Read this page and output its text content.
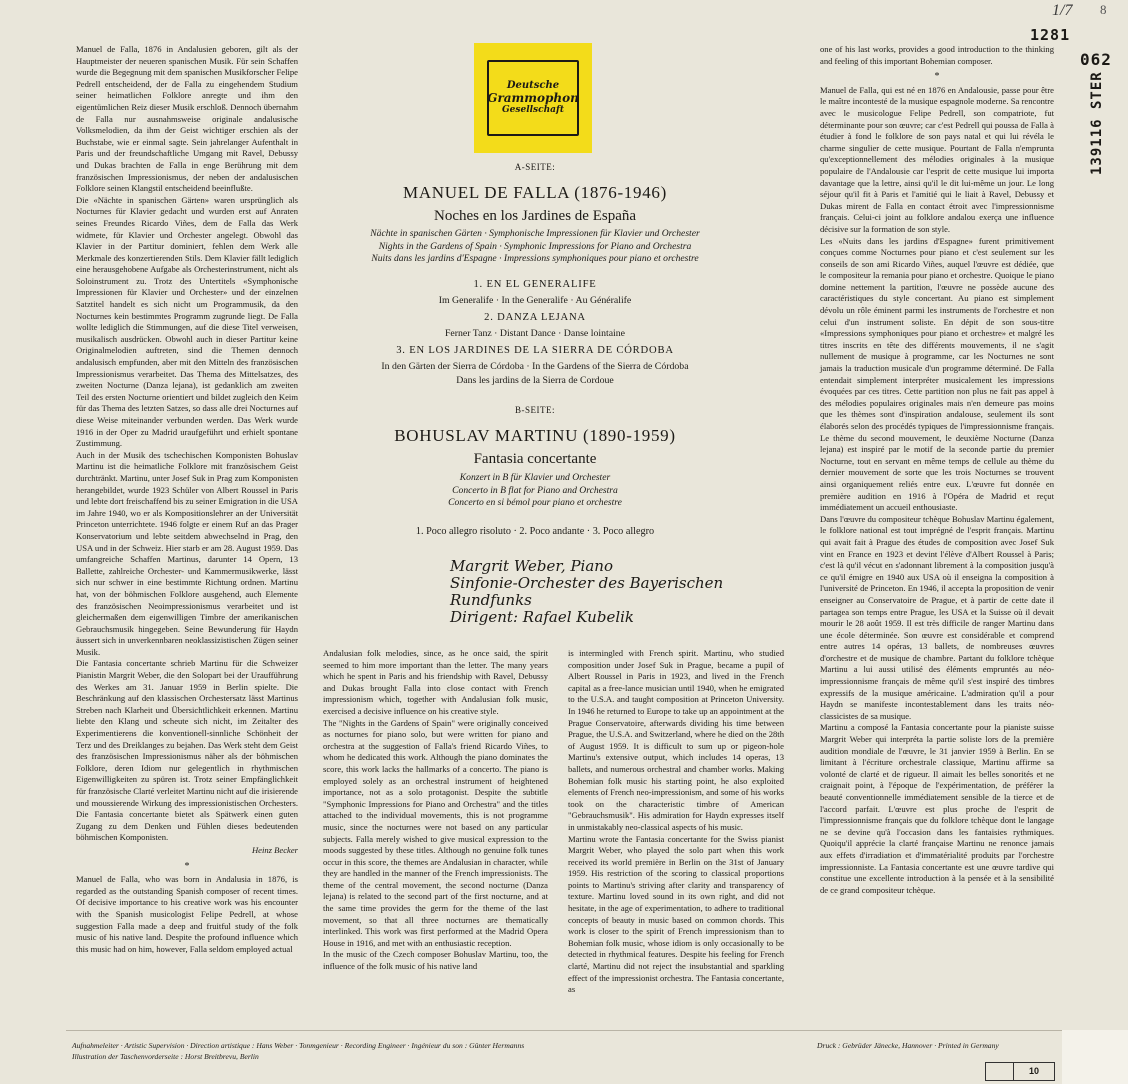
Manuel de Falla, 1876 in Andalusien geboren, gilt als der Hauptmeister der neueren spanischen Musik. Für sein Schaffen wurde die Begegnung mit dem spanischen Musikforscher Felipe Pedrell entscheidend, der de Falla zu eingehendem Studium seiner heimatlichen Folklore anregte und ihm den eigentümlichen Reiz dieser Musik erschloß. Dennoch übernahm de Falla nur ausnahmsweise originale andalusische Volksmelodien, da ihm der Geist wichtiger erschien als der Buchstabe, wie er einmal sagte. Sein jahrelanger Aufenthalt in Paris und der freundschaftliche Umgang mit Ravel, Debussy und Dukas brachten de Falla in enge Berührung mit dem französischen Impressionismus, der neben der andalusischen Folklore seinen Klangstil entscheidend beeinflußte.

Die «Nächte in spanischen Gärten» waren ursprünglich als Nocturnes für Klavier gedacht und wurden erst auf Anraten seines Freundes Ricardo Viñes, dem de Falla das Werk widmete, für Klavier und Orchester angelegt. Obwohl das Klavier in der Partitur dominiert, fehlen dem Werk alle Merkmale des konzertierenden Stils. Dem Klavier fällt lediglich eine herausgehobene Aufgabe als Orchesterinstrument, nicht als Soloinstrument zu. Trotz des Untertitels «Symphonische Impressionen für Klavier und Orchester» und der einzelnen Satztitel handelt es sich nicht um Programmusik, da den Nocturnes kein bestimmtes Programm zugrunde liegt. De Falla wollte lediglich die Stimmungen, auf die diese Titel verweisen, musikalisch ausdrücken. Obwohl auch in dieser Partitur keine Originalmelodien auftreten, sind die Themen dennoch andalusisch empfunden, aber mit den Mitteln des französischen Impressionismus verarbeitet. Das Thema des Mittelsatzes, des zweiten Nocturne (Danza lejana), ist gedanklich am zweiten Teil des ersten Nocturne orientiert und bildet zugleich den Keim für das Thema des letzten Satzes, so dass alle drei Nocturnes auf diese Weise miteinander verbunden werden. Das Werk wurde 1916 in der Oper zu Madrid uraufgeführt und erhielt spontane Zustimmung.

Auch in der Musik des tschechischen Komponisten Bohuslav Martinu ist die heimatliche Folklore mit französischem Geist durchtränkt. Martinu, unter Josef Suk in Prag zum Komponisten herangebildet, wurde 1923 Schüler von Albert Roussel in Paris und lebte dort freischaffend bis zu seiner Emigration in die USA im Jahre 1940, wo er als Kompositionslehrer an der Universität Princeton unterrichtete. 1946 folgte er einem Ruf an das Prager Konservatorium und lebte seitdem abwechselnd in Prag, den USA und in der Schweiz. Hier starb er am 28. August 1959. Das umfangreiche Schaffen Martinus, darunter 14 Opern, 13 Ballette, zahlreiche Orchester- und Kammermusikwerke, lässt sich nur schwer in eine bestimmte Richtung ordnen. Martinu hat, von der böhmischen Folklore ausgehend, auch Elemente des französischen Neoimpressionismus verarbeitet und ist gleichermaßen dem eigenwilligen Timbre der amerikanischen Gebrauchsmusik hingegeben. Seine Bewunderung für Haydn äussert sich in unverkennbaren neoklassizistischen Zügen seiner Musik.

Die Fantasia concertante schrieb Martinu für die Schweizer Pianistin Margrit Weber, die den Solopart bei der Uraufführung des Werkes am 31. Januar 1959 in Berlin spielte. Die Beschränkung auf den klassischen Orchestersatz lässt Martinus Streben nach Klarheit und Übersichtlichkeit erkennen. Martinu liebte den Klang und scheute sich nicht, im Zeitalter des Experimentierens die konventionell-sinnliche Schönheit der Terz und des Dreiklanges zu bejahen. Das Werk steht dem Geist des französischen Impressionismus näher als der böhmischen Folklore, deren Idiom nur gelegentlich in rhythmischen Eigenwilligkeiten zu spüren ist. Trotz seiner Empfänglichkeit für französische Clarté verleitet Martinu nicht auf die irisierende und moussierende Wirkung des impressionistischen Orchesters. Die Fantasia concertante bietet als Spätwerk einen guten Zugang zu dem Denken und Fühlen dieses bedeutenden böhmischen Komponisten.

Heinz Becker
*

Manuel de Falla, who was born in Andalusia in 1876, is regarded as the outstanding Spanish composer of recent times. Of decisive importance to his creative work was his encounter with the Spanish musicologist Felipe Pedrell, at whose suggestion Falla made a deep and fruitful study of the folk music of his native land. Despite the profound influence which this music had on him, however, Falla seldom employed actual

Deutsche
Grammophon
Gesellschaft
A-SEITE:
MANUEL DE FALLA (1876-1946)
Noches en los Jardines de España
Nächte in spanischen Gärten · Symphonische Impressionen für Klavier und Orchester
Nights in the Gardens of Spain · Symphonic Impressions for Piano and Orchestra
Nuits dans les jardins d'Espagne · Impressions symphoniques pour piano et orchestre
1. EN EL GENERALIFE
Im Generalife · In the Generalife · Au Généralife
2. DANZA LEJANA
Ferner Tanz · Distant Dance · Danse lointaine
3. EN LOS JARDINES DE LA SIERRA DE CÓRDOBA
In den Gärten der Sierra de Córdoba · In the Gardens of the Sierra de Córdoba
Dans les jardins de la Sierra de Cordoue
B-SEITE:
BOHUSLAV MARTINU (1890-1959)
Fantasia concertante
Konzert in B für Klavier und Orchester
Concerto in B flat for Piano and Orchestra
Concerto en si bémol pour piano et orchestre
1. Poco allegro risoluto · 2. Poco andante · 3. Poco allegro
Margrit Weber, Piano
Sinfonie-Orchester des Bayerischen Rundfunks
Dirigent: Rafael Kubelik

Andalusian folk melodies, since, as he once said, the spirit seemed to him more important than the letter. The many years which he spent in Paris and his friendship with Ravel, Debussy and Dukas brought Falla into close contact with French impressionism which, together with Andalusian folk music, exercised a decisive influence on his creative style.

The "Nights in the Gardens of Spain" were originally conceived as nocturnes for piano solo, but were written for piano and orchestra at the suggestion of Falla's friend Ricardo Viñes, to whom he dedicated this work. Although the piano dominates the score, this work lacks the hallmarks of a concerto. The piano is employed solely as an orchestral instrument of heightened importance, not as a solo protagonist. Despite the subtitle "Symphonic Impressions for Piano and Orchestra" and the titles attached to the individual movements, this is not programme music, since the nocturnes were not based on any particular subjects. Falla merely wished to give musical expression to the moods suggested by these titles. Although no genuine folk tunes occur in this score, the themes are Andalusian in character, while they are handled in the manner of the French impressionists. The theme of the central movement, the second nocturne (Danza lejana) is related to the second part of the first nocturne, and at the same time provides the germ for the theme of the last movement, so that all three nocturnes are thematically interlinked. This work was first performed at the Madrid Opera House in 1916, and met with an enthusiastic reception.

In the music of the Czech composer Bohuslav Martinu, too, the influence of the folk music of his native land

is intermingled with French spirit. Martinu, who studied composition under Josef Suk in Prague, became a pupil of Albert Roussel in Paris in 1923, and lived in the French capital as a free-lance musician until 1940, when he emigrated to the U.S.A. and taught composition at Princeton University. In 1946 he returned to Europe to take up an appointment at the Prague Conservatoire, afterwards dividing his time between Prague, the U.S.A. and Switzerland, where he died on the 28th of August 1959. It is difficult to sum up or pigeon-hole Martinu's extensive output, which includes 14 operas, 13 ballets, and numerous orchestral and chamber works. Making Bohemian folk music his starting point, he also exploited elements of French neo-impressionism, and some of his works took on the characteristic timbre of American "Gebrauchsmusik". His admiration for Haydn expresses itself in unmistakably neo-classical aspects of his music.

Martinu wrote the Fantasia concertante for the Swiss pianist Margrit Weber, who played the solo part when this work received its world première in Berlin on the 31st of January 1959. His restriction of the scoring to classical proportions points to Martinu's striving after clarity and transparency of texture. Martinu loved sound in its own right, and did not hesitate, in the age of experimentation, to adhere to traditional concepts of beauty in music based on common chords. This work is closer to the spirit of French impressionism than to Bohemian folk music, whose idiom is only occasionally to be detected in rhythmical features. Despite his feeling for French clarté, Martinu did not reject the insubstantial and sparkling effect of the impressionist orchestra. The Fantasia concertante, as

one of his last works, provides a good introduction to the thinking and feeling of this important Bohemian composer.

*

Manuel de Falla, qui est né en 1876 en Andalousie, passe pour être le maître incontesté de la musique espagnole moderne. Sa rencontre avec le musicologue Felipe Pedrell, son compatriote, fut déterminante pour son œuvre; car c'est Pedrell qui poussa de Falla à étudier à fond le folklore de son pays natal et qui lui révéla le charme singulier de cette musique. Pourtant de Falla n'emprunta qu'exceptionnellement des mélodies originales à la musique populaire de l'Andalousie car l'esprit de cette musique lui importa davantage que la lettre, ainsi qu'il le dit lui-même un jour. Le long séjour qu'il fit à Paris et l'amitié qui le liait à Ravel, Debussy et Dukas mirent de Falla en contact étroit avec l'impressionnisme français. Celui-ci joint au folklore andalou exerça une influence décisive sur la formation de son style.

Les «Nuits dans les jardins d'Espagne» furent primitivement conçues comme Nocturnes pour piano et c'est seulement sur les conseils de son ami Ricardo Viñes, auquel l'œuvre est dédiée, que le compositeur la remania pour piano et orchestre. Quoique le piano domine nettement la partition, l'œuvre ne possède aucune des caractéristiques du style concertant. Au piano est simplement dévolu un rôle éminent parmi les instruments de l'orchestre et non celui d'un instrument soliste. En dépit de son sous-titre «Impressions symphoniques pour piano et orchestre» et malgré les titres inscrits en tête des différents mouvements, il ne s'agit nullement de musique à programme, car les Nocturnes ne sont jamais la traduction musicale d'un programme déterminé. De Falla entendait simplement interpréter musicalement les impressions évoquées par ces titres. Cette partition non plus ne fait pas appel à des mélodies populaires originales mais n'en demeure pas moins que les thèmes sont d'inspiration andalouse, seulement ils sont élaborés selon des procédés typiques de l'impressionnisme français. Le thème du second mouvement, le deuxième Nocturne (Danza lejana) est inspiré par le motif de la seconde partie du premier Nocturne, tout en servant en même temps de cellule au thème du dernier mouvement de sorte que les trois Nocturnes se trouvent ainsi organiquement reliés entre eux. L'œuvre fut donnée en première audition en 1916 à l'Opéra de Madrid et reçut immédiatement un accueil enthousiaste.

Dans l'œuvre du compositeur tchèque Bohuslav Martinu également, le folklore national est tout imprégné de l'esprit français. Martinu qui avait fait à Prague des études de composition avec Josef Suk vint en France en 1923 et devint l'élève d'Albert Roussel à Paris; c'est là qu'il vécut en s'adonnant librement à la composition jusqu'à ce qu'il émigre en 1940 aux USA où il enseigna la composition à l'université de Princeton. En 1946, il accepta la proposition de venir enseigner au Conservatoire de Prague, et à partir de cette date il partagea son temps entre Prague, les USA et la Suisse où il devait mourir le 28 août 1959. Il est très difficile de ranger Martinu dans une école déterminée. Son œuvre est considérable et comprend entre autres 14 opéras, 13 ballets, de nombreuses œuvres d'orchestre et de musique de chambre. Partant du folklore tchèque Martinu a lui aussi utilisé des éléments empruntés au néo-impressionnisme français de même qu'il s'est inspiré des timbres expressifs de la musique américaine. L'admiration qu'il a pour Haydn se manifeste incontestablement dans les traits néo-classicistes de sa musique.

Martinu a composé la Fantasia concertante pour la pianiste suisse Margrit Weber qui interpréta la partie soliste lors de la première audition mondiale de l'œuvre, le 31 janvier 1959 à Berlin. En se limitant à l'écriture orchestrale classique, Martinu affirme sa volonté de clarté et de rigueur. Il aimait les belles sonorités et ne craignait point, à l'époque de l'expérimentation, de préférer la beauté conventionnelle immédiatement sensible de la tierce et de l'accord parfait. L'œuvre est plus proche de l'esprit de l'impressionnisme français que du folklore tchèque dont le langage ne se devine qu'à l'occasion dans les fantaisies rythmiques. Quoiqu'il apprécie la clarté française Martinu ne renonce jamais aux effets d'irradiation et d'immatérialité produits par l'orchestre impressionniste. La Fantasia concertante est une œuvre tardive qui constitue une excellente introduction à la pensée et à la sensibilité de ce grand compositeur tchèque.

1/7 8
1281
062
139116 STER
Aufnahmeleiter · Artistic Supervision · Direction artistique : Hans Weber · Tonmgenieur · Recording Engineer · Ingénieur du son : Günter Hermanns
Illustration der Taschenvorderseite : Horst Breitbrevu, Berlin
Druck : Gebrüder Jänecke, Hannover · Printed in Germany
10
